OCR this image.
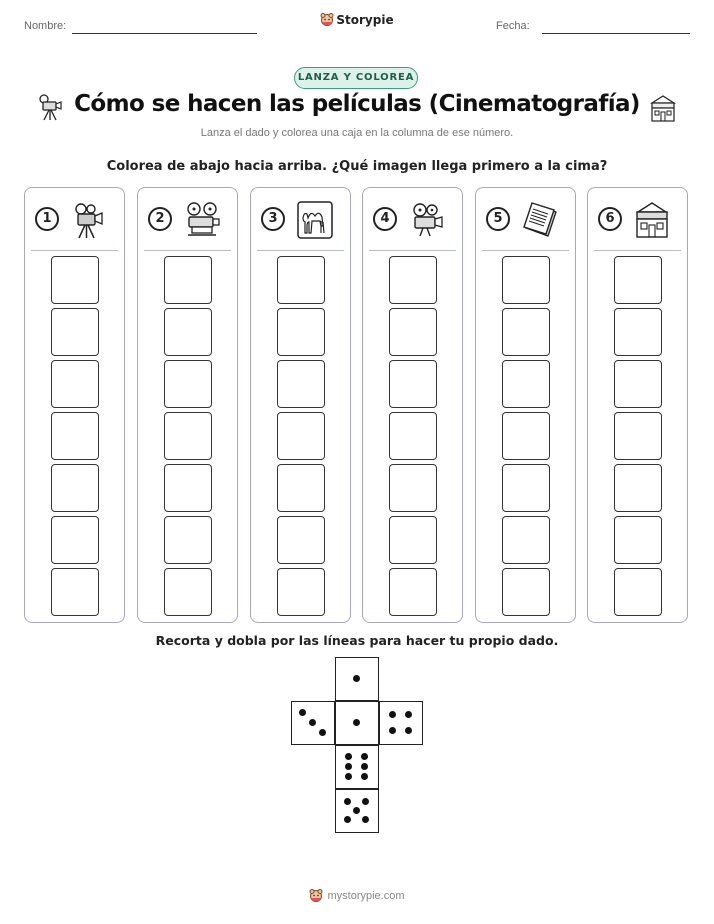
Nombre:	Storypie	Fecha:
LANZA Y COLOREA
Cómo se hacen las películas (Cinematografía)
Lanza el dado y colorea una caja en la columna de ese número.
Colorea de abajo hacia arriba. ¿Qué imagen llega primero a la cima?
1	2	3	4	5	6
Recorta y dobla por las líneas para hacer tu propio dado.
mystorypie.com
